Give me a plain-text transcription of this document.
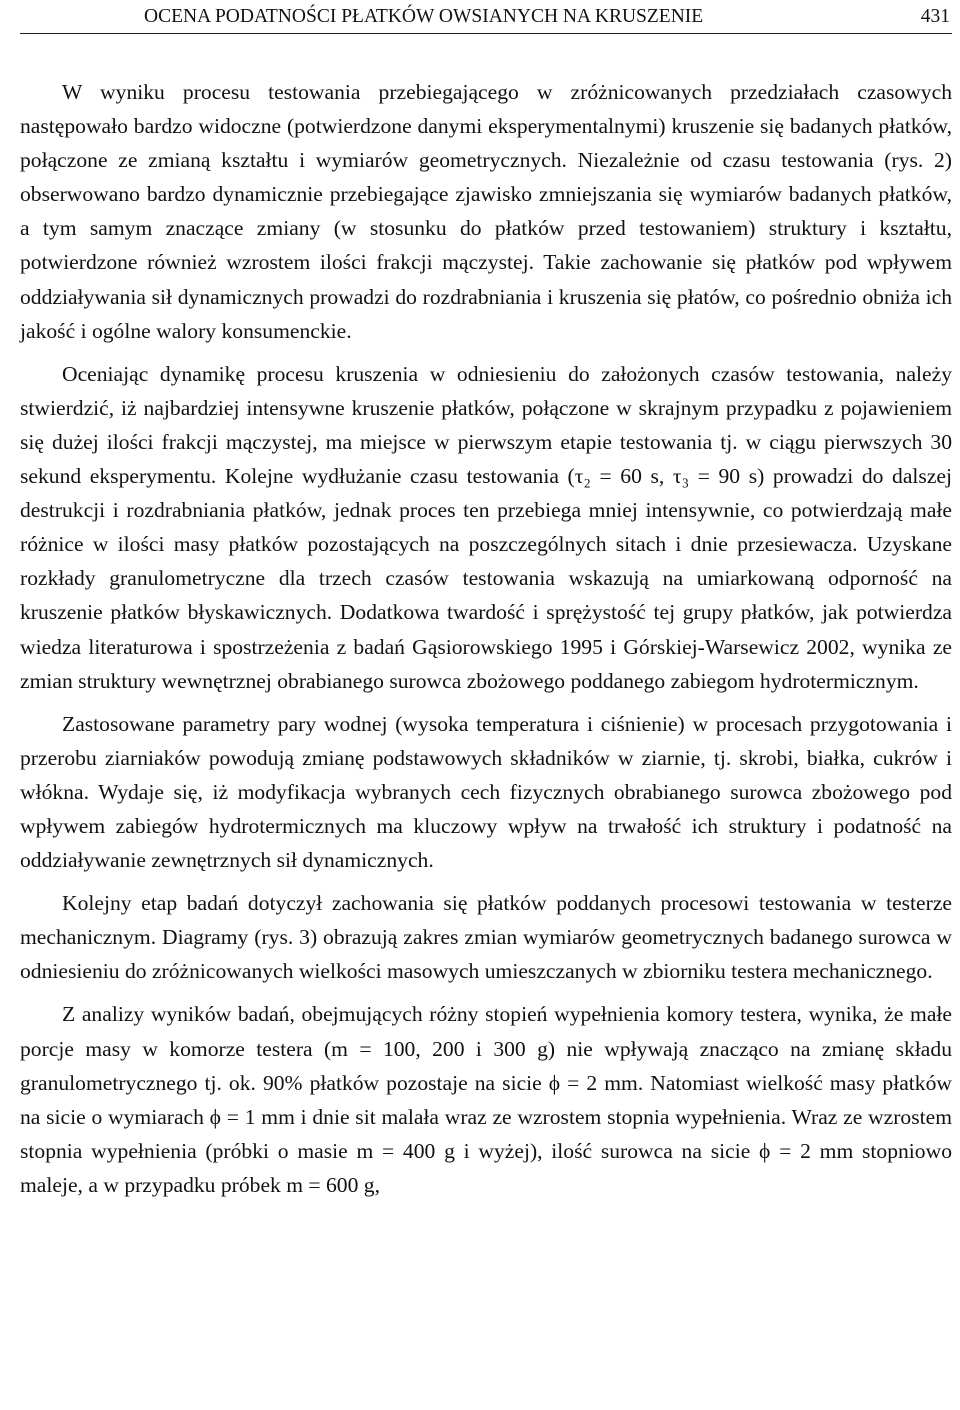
OCENA PODATNOŚCI PŁATKÓW OWSIANYCH NA KRUSZENIE	431

W wyniku procesu testowania przebiegającego w zróżnicowanych przedziałach czasowych następowało bardzo widoczne (potwierdzone danymi eksperymentalnymi) kruszenie się badanych płatków, połączone ze zmianą kształtu i wymiarów geometrycznych. Niezależnie od czasu testowania (rys. 2) obserwowano bardzo dynamicznie przebiegające zjawisko zmniejszania się wymiarów badanych płatków, a tym samym znaczące zmiany (w stosunku do płatków przed testowaniem) struktury i kształtu, potwierdzone również wzrostem ilości frakcji mączystej. Takie zachowanie się płatków pod wpływem oddziaływania sił dynamicznych prowadzi do rozdrabniania i kruszenia się płatów, co pośrednio obniża ich jakość i ogólne walory konsumenckie.

Oceniając dynamikę procesu kruszenia w odniesieniu do założonych czasów testowania, należy stwierdzić, iż najbardziej intensywne kruszenie płatków, połączone w skrajnym przypadku z pojawieniem się dużej ilości frakcji mączystej, ma miejsce w pierwszym etapie testowania tj. w ciągu pierwszych 30 sekund eksperymentu. Kolejne wydłużanie czasu testowania (τ₂ = 60 s, τ₃ = 90 s) prowadzi do dalszej destrukcji i rozdrabniania płatków, jednak proces ten przebiega mniej intensywnie, co potwierdzają małe różnice w ilości masy płatków pozostających na poszczególnych sitach i dnie przesiewacza. Uzyskane rozkłady granulometryczne dla trzech czasów testowania wskazują na umiarkowaną odporność na kruszenie płatków błyskawicznych. Dodatkowa twardość i sprężystość tej grupy płatków, jak potwierdza wiedza literaturowa i spostrzeżenia z badań Gąsiorowskiego 1995 i Górskiej-Warsewicz 2002, wynika ze zmian struktury wewnętrznej obrabianego surowca zbożowego poddanego zabiegom hydrotermicznym.

Zastosowane parametry pary wodnej (wysoka temperatura i ciśnienie) w procesach przygotowania i przerobu ziarniaków powodują zmianę podstawowych składników w ziarnie, tj. skrobi, białka, cukrów i włókna. Wydaje się, iż modyfikacja wybranych cech fizycznych obrabianego surowca zbożowego pod wpływem zabiegów hydrotermicznych ma kluczowy wpływ na trwałość ich struktury i podatność na oddziaływanie zewnętrznych sił dynamicznych.

Kolejny etap badań dotyczył zachowania się płatków poddanych procesowi testowania w testerze mechanicznym. Diagramy (rys. 3) obrazują zakres zmian wymiarów geometrycznych badanego surowca w odniesieniu do zróżnicowanych wielkości masowych umieszczanych w zbiorniku testera mechanicznego.

Z analizy wyników badań, obejmujących różny stopień wypełnienia komory testera, wynika, że małe porcje masy w komorze testera (m = 100, 200 i 300 g) nie wpływają znacząco na zmianę składu granulometrycznego tj. ok. 90% płatków pozostaje na sicie ϕ = 2 mm. Natomiast wielkość masy płatków na sicie o wymiarach ϕ = 1 mm i dnie sit malała wraz ze wzrostem stopnia wypełnienia. Wraz ze wzrostem stopnia wypełnienia (próbki o masie m = 400 g i wyżej), ilość surowca na sicie ϕ = 2 mm stopniowo maleje, a w przypadku próbek m = 600 g,
